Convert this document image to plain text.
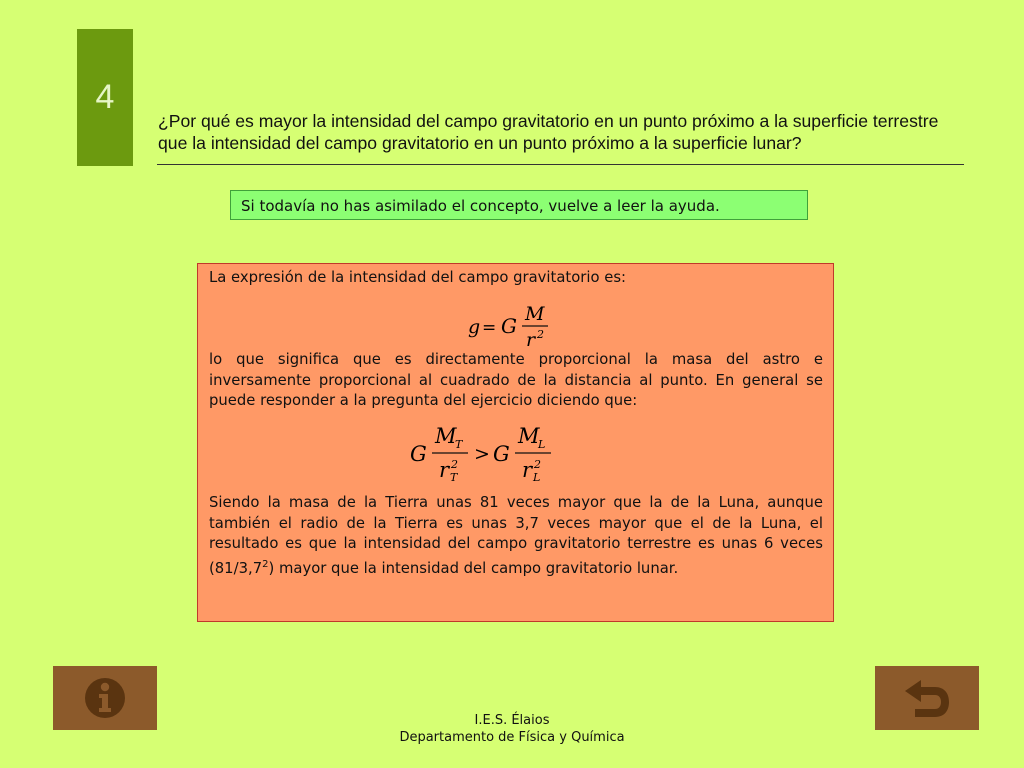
4
¿Por qué es mayor la intensidad del campo gravitatorio en un punto próximo a la superficie terrestre que la intensidad del campo gravitatorio en un punto próximo a la superficie lunar?
Si todavía no has asimilado el concepto, vuelve a leer la ayuda.

La expresión de la intensidad del campo gravitatorio es:

g = G M
r 2

lo que significa que es directamente proporcional la masa del astro e inversamente proporcional al cuadrado de la distancia al punto. En general se puede responder a la pregunta del ejercicio diciendo que:

G
M
T
r 2
T
> G
M
L
r 2
L

Siendo la masa de la Tierra unas 81 veces mayor que la de la Luna, aunque también el radio de la Tierra es unas 3,7 veces mayor que el de la Luna, el resultado es que la intensidad del campo gravitatorio terrestre es unas 6 veces $(81/3,7^2)$ mayor que la intensidad del campo gravitatorio lunar.

I.E.S. Élaios
Departamento de Física y Química
